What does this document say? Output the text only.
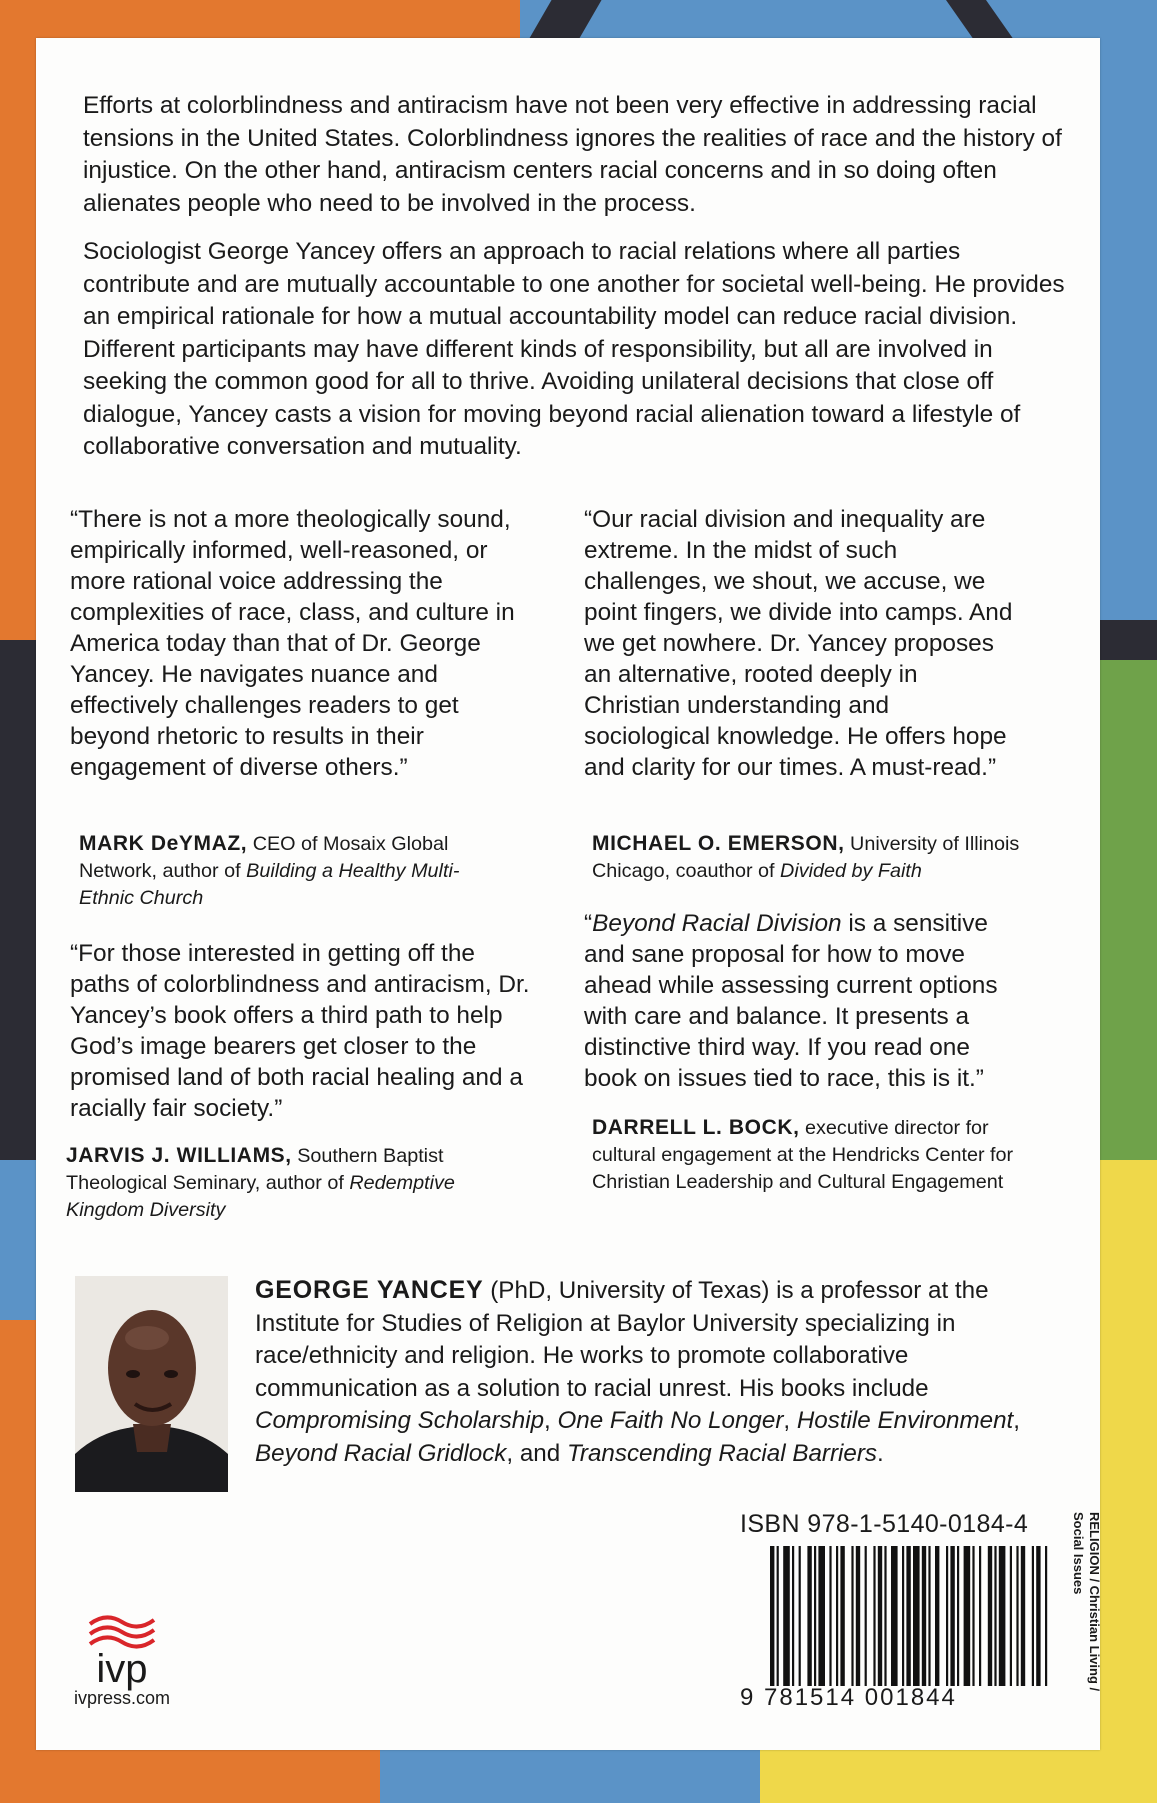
Efforts at colorblindness and antiracism have not been very effective in addressing racial tensions in the United States. Colorblindness ignores the realities of race and the history of injustice. On the other hand, antiracism centers racial concerns and in so doing often alienates people who need to be involved in the process.

Sociologist George Yancey offers an approach to racial relations where all parties contribute and are mutually accountable to one another for societal well-being. He provides an empirical rationale for how a mutual accountability model can reduce racial division. Different participants may have different kinds of responsibility, but all are involved in seeking the common good for all to thrive. Avoiding unilateral decisions that close off dialogue, Yancey casts a vision for moving beyond racial alienation toward a lifestyle of collaborative conversation and mutuality.

“There is not a more theologically sound, empirically informed, well-reasoned, or more rational voice addressing the complexities of race, class, and culture in America today than that of Dr. George Yancey. He navigates nuance and effectively challenges readers to get beyond rhetoric to results in their engagement of diverse others.”

MARK DeYMAZ, CEO of Mosaix Global Network, author of Building a Healthy Multi-Ethnic Church

“For those interested in getting off the paths of colorblindness and antiracism, Dr. Yancey’s book offers a third path to help God’s image bearers get closer to the promised land of both racial healing and a racially fair society.”

JARVIS J. WILLIAMS, Southern Baptist Theological Seminary, author of Redemptive Kingdom Diversity

“Our racial division and inequality are extreme. In the midst of such challenges, we shout, we accuse, we point fingers, we divide into camps. And we get nowhere. Dr. Yancey proposes an alternative, rooted deeply in Christian understanding and sociological knowledge. He offers hope and clarity for our times. A must-read.”

MICHAEL O. EMERSON, University of Illinois Chicago, coauthor of Divided by Faith

“Beyond Racial Division is a sensitive and sane proposal for how to move ahead while assessing current options with care and balance. It presents a distinctive third way. If you read one book on issues tied to race, this is it.”

DARRELL L. BOCK, executive director for cultural engagement at the Hendricks Center for Christian Leadership and Cultural Engagement

GEORGE YANCEY (PhD, University of Texas) is a professor at the Institute for Studies of Religion at Baylor University specializing in race/ethnicity and religion. He works to promote collaborative communication as a solution to racial unrest. His books include Compromising Scholarship, One Faith No Longer, Hostile Environment, Beyond Racial Gridlock, and Transcending Racial Barriers.

ISBN 978-1-5140-0184-4
9 781514 001844
RELIGION / Christian Living /
Social Issues
ivp
ivpress.com
